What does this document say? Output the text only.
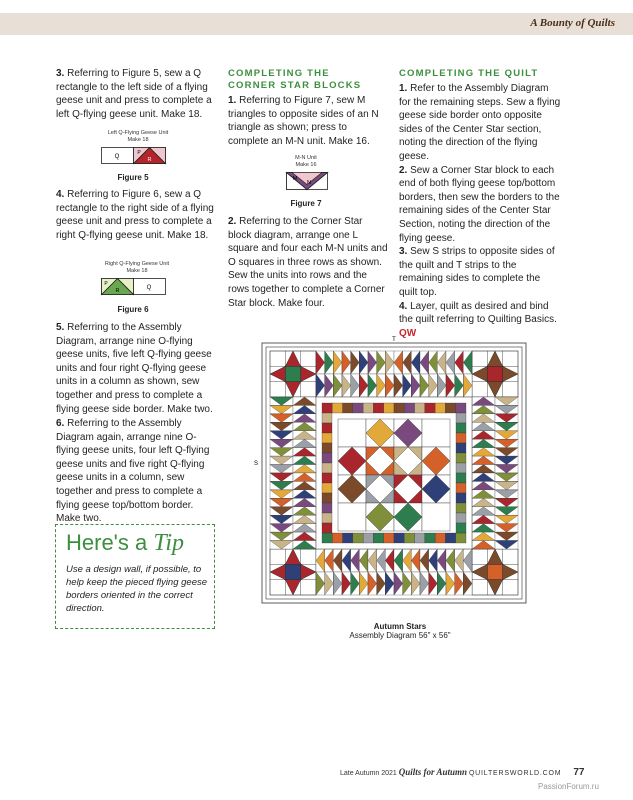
A Bounty of Quilts
3. Referring to Figure 5, sew a Q rectangle to the left side of a flying geese unit and press to complete a left Q-flying geese unit. Make 18.
Left Q-Flying Geese Unit
Make 18
Q
P
R
Figure 5
4. Referring to Figure 6, sew a Q rectangle to the right side of a flying geese unit and press to complete a right Q-flying geese unit. Make 18.
Right Q-Flying Geese Unit
Make 18
P
R	Q
Figure 6
5. Referring to the Assembly Diagram, arrange nine O-flying geese units, five left Q-flying geese units and four right Q-flying geese units in a column as shown, sew together and press to complete a flying geese side border. Make two.
6. Referring to the Assembly Diagram again, arrange nine O-flying geese units, four left Q-flying geese units and five right Q-flying geese units in a column, sew together and press to complete a flying geese top/bottom border. Make two.
Here's a Tip
Use a design wall, if possible, to help keep the pieced flying geese borders oriented in the correct direction.
COMPLETING THE
CORNER STAR BLOCKS
1. Referring to Figure 7, sew M triangles to opposite sides of an N triangle as shown; press to complete an M-N unit. Make 16.
M-N Unit
Make 16
M
N
Figure 7
2. Referring to the Corner Star block diagram, arrange one L square and four each M-N units and O squares in three rows as shown. Sew the units into rows and the rows together to complete a Corner Star block. Make four.
COMPLETING THE QUILT
1. Refer to the Assembly Diagram for the remaining steps. Sew a flying geese side border onto opposite sides of the Center Star section, noting the direction of the flying geese.
2. Sew a Corner Star block to each end of both flying geese top/bottom borders, then sew the borders to the remaining sides of the Center Star Section, noting the direction of the flying geese.
3. Sew S strips to opposite sides of the quilt and T strips to the remaining sides to complete the quilt top.
4. Layer, quilt as desired and bind the quilt referring to Quilting Basics. QW
T
S
Autumn Stars
Assembly Diagram 56" x 56"
Late Autumn 2021 Quilts for Autumn QUILTERSWORLD.COM 77
PassionForum.ru
